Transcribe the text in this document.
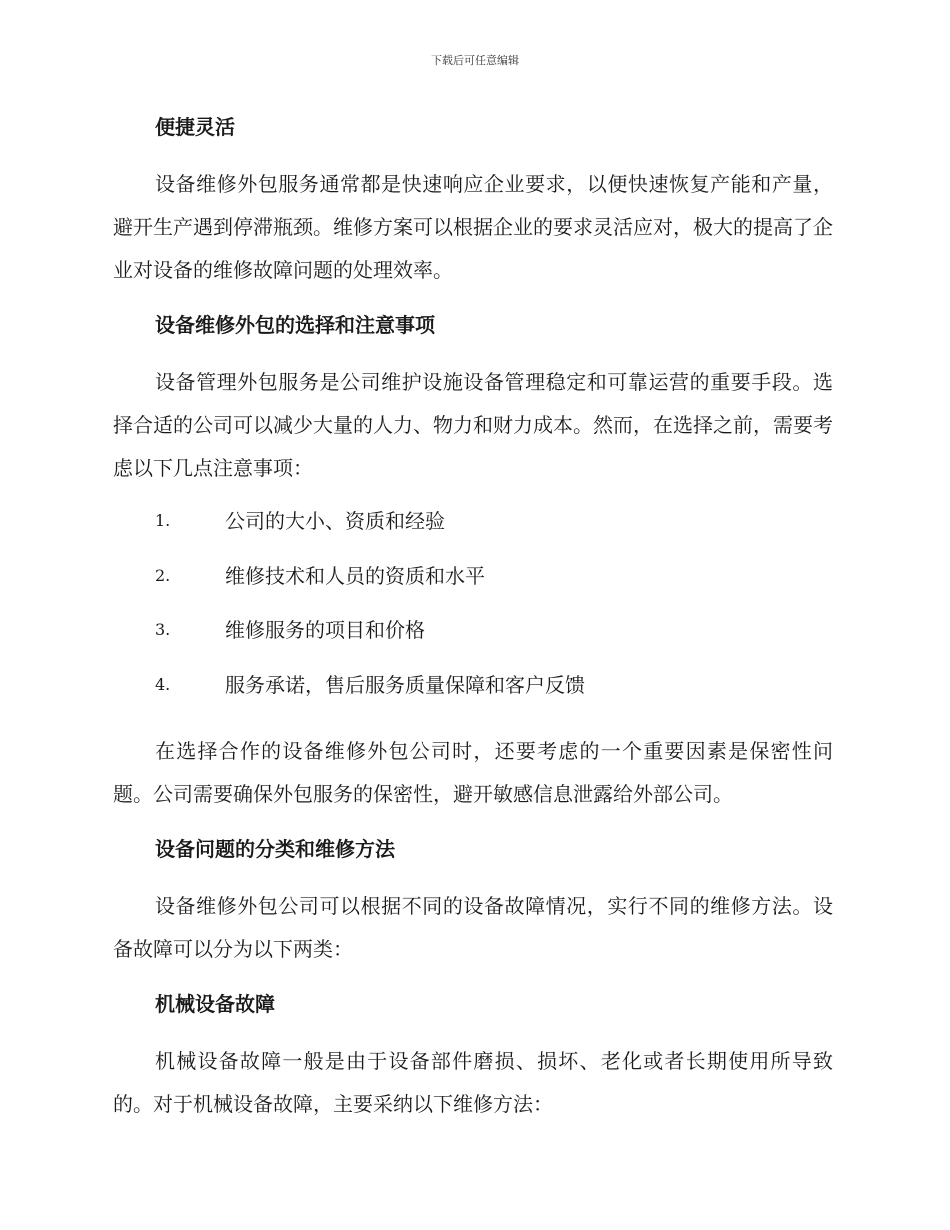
下载后可任意编辑
便捷灵活

设备维修外包服务通常都是快速响应企业要求，以便快速恢复产能和产量，避开生产遇到停滞瓶颈。维修方案可以根据企业的要求灵活应对，极大的提高了企业对设备的维修故障问题的处理效率。

设备维修外包的选择和注意事项

设备管理外包服务是公司维护设施设备管理稳定和可靠运营的重要手段。选择合适的公司可以减少大量的人力、物力和财力成本。然而，在选择之前，需要考虑以下几点注意事项：

1.	公司的大小、资质和经验
2.	维修技术和人员的资质和水平
3.	维修服务的项目和价格
4.	服务承诺，售后服务质量保障和客户反馈

在选择合作的设备维修外包公司时，还要考虑的一个重要因素是保密性问题。公司需要确保外包服务的保密性，避开敏感信息泄露给外部公司。

设备问题的分类和维修方法

设备维修外包公司可以根据不同的设备故障情况，实行不同的维修方法。设备故障可以分为以下两类：

机械设备故障

机械设备故障一般是由于设备部件磨损、损坏、老化或者长期使用所导致的。对于机械设备故障，主要采纳以下维修方法：
